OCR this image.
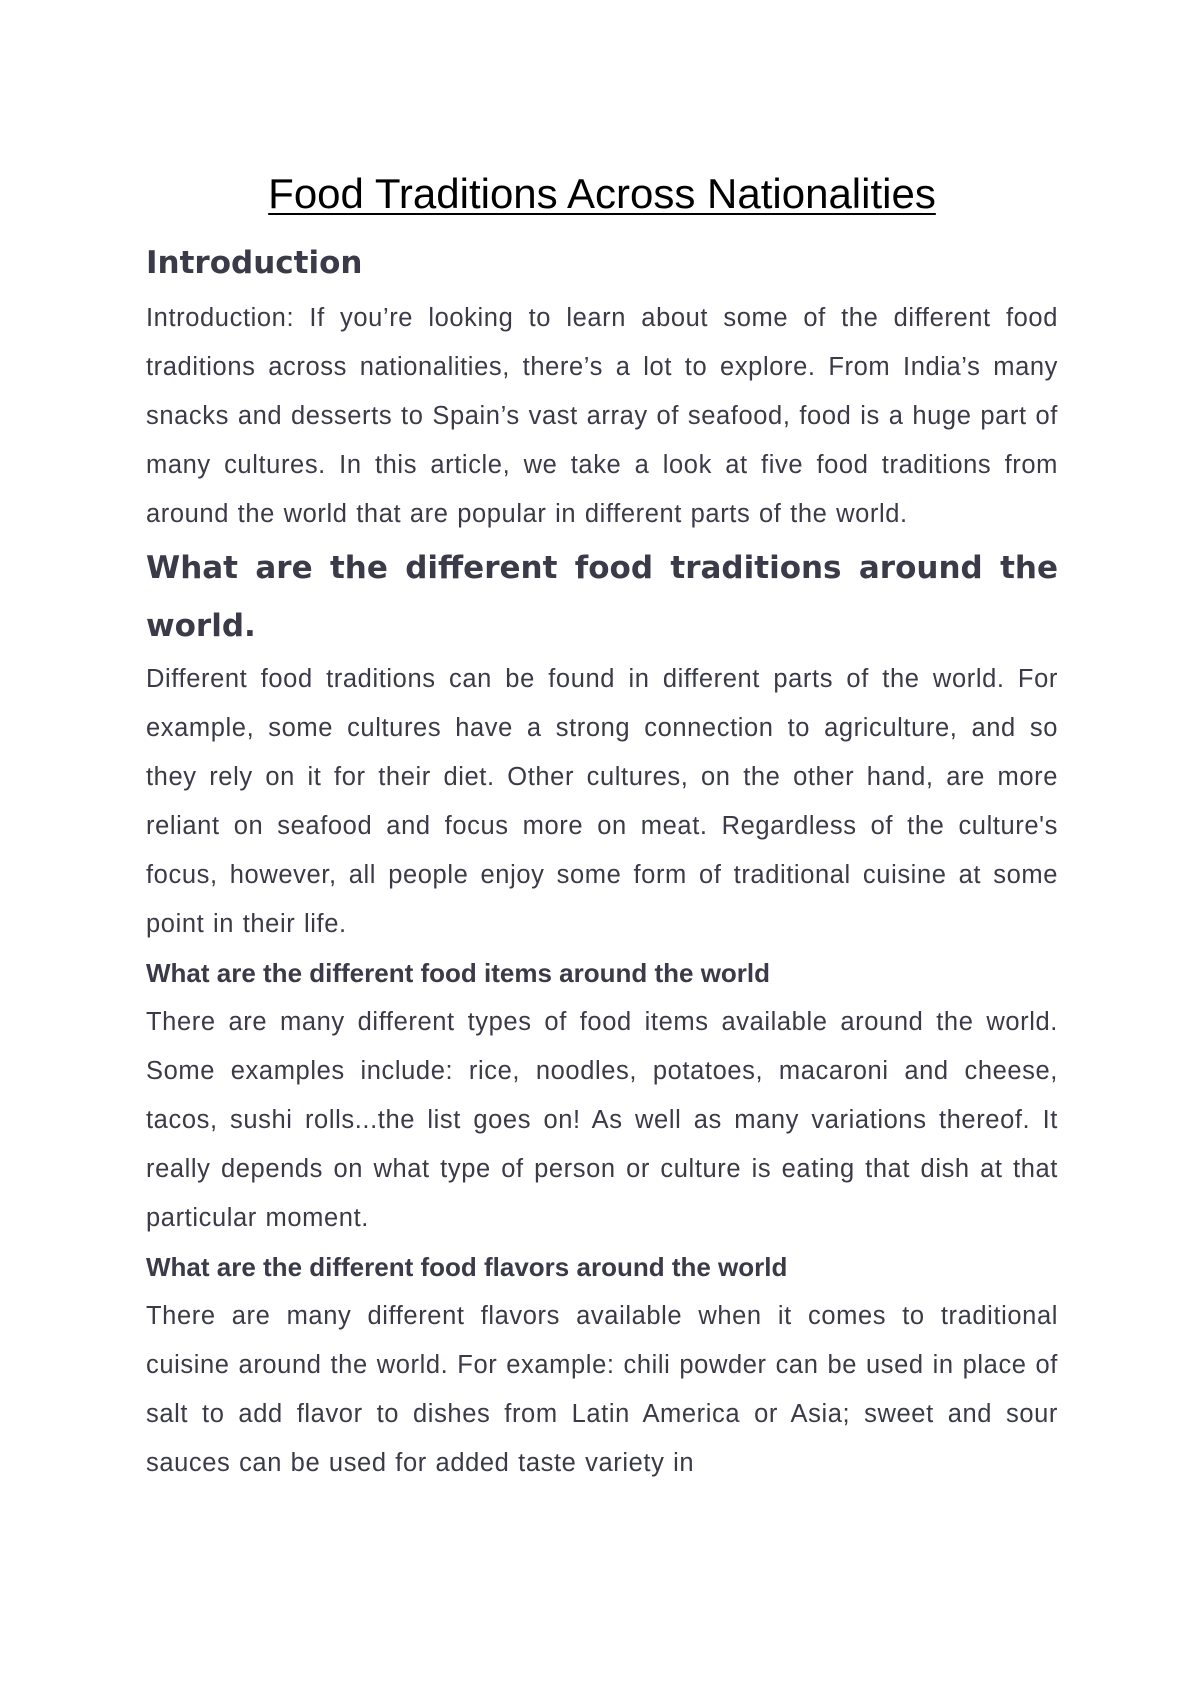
Food Traditions Across Nationalities
Introduction

Introduction: If you’re looking to learn about some of the different food traditions across nationalities, there’s a lot to explore. From India’s many snacks and desserts to Spain’s vast array of seafood, food is a huge part of many cultures. In this article, we take a look at five food traditions from around the world that are popular in different parts of the world.

What are the different food traditions around the world.

Different food traditions can be found in different parts of the world. For example, some cultures have a strong connection to agriculture, and so they rely on it for their diet. Other cultures, on the other hand, are more reliant on seafood and focus more on meat. Regardless of the culture's focus, however, all people enjoy some form of traditional cuisine at some point in their life.

What are the different food items around the world

There are many different types of food items available around the world. Some examples include: rice, noodles, potatoes, macaroni and cheese, tacos, sushi rolls...the list goes on! As well as many variations thereof. It really depends on what type of person or culture is eating that dish at that particular moment.

What are the different food flavors around the world

There are many different flavors available when it comes to traditional cuisine around the world. For example: chili powder can be used in place of salt to add flavor to dishes from Latin America or Asia; sweet and sour sauces can be used for added taste variety in
